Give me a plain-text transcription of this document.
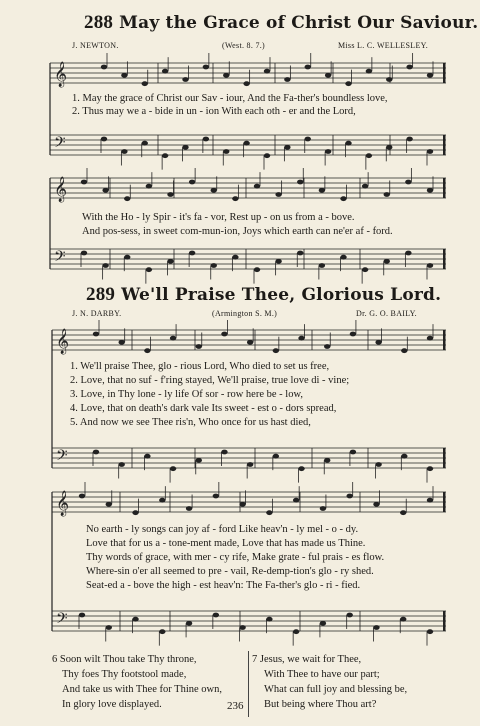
288 May the Grace of Christ Our Saviour.
J. NEWTON.	(West. 8. 7.)	Miss L. C. WELLESLEY.
𝄞
𝄢
𝄞
𝄢
𝄞
𝄢
𝄞
𝄢
1. May the grace of Christ our Sav - iour, And the Fa-ther's boundless love,
2. Thus may we a - bide in un - ion With each oth - er and the Lord,
With the Ho - ly Spir - it's fa - vor, Rest up - on us from a - bove.
And pos-sess, in sweet com-mun-ion, Joys which earth can ne'er af - ford.
289 We'll Praise Thee, Glorious Lord.
J. N. DARBY.	(Armington S. M.)	Dr. G. O. BAILY.
1. We'll praise Thee, glo - rious Lord, Who died to set us free,
2. Love, that no suf - f'ring stayed, We'll praise, true love di - vine;
3. Love, in Thy lone - ly life Of sor - row here be - low,
4. Love, that on death's dark vale Its sweet - est o - dors spread,
5. And now we see Thee ris'n, Who once for us hast died,
No earth - ly songs can joy af - ford Like heav'n - ly mel - o - dy.
Love that for us a - tone-ment made, Love that has made us Thine.
Thy words of grace, with mer - cy rife, Make grate - ful prais - es flow.
Where-sin o'er all seemed to pre - vail, Re-demp-tion's glo - ry shed.
Seat-ed a - bove the high - est heav'n: The Fa-ther's glo - ri - fied.
6 Soon wilt Thou take Thy throne,
Thy foes Thy footstool made,
And take us with Thee for Thine own,
In glory love displayed.
7 Jesus, we wait for Thee,
With Thee to have our part;
What can full joy and blessing be,
But being where Thou art?
236
